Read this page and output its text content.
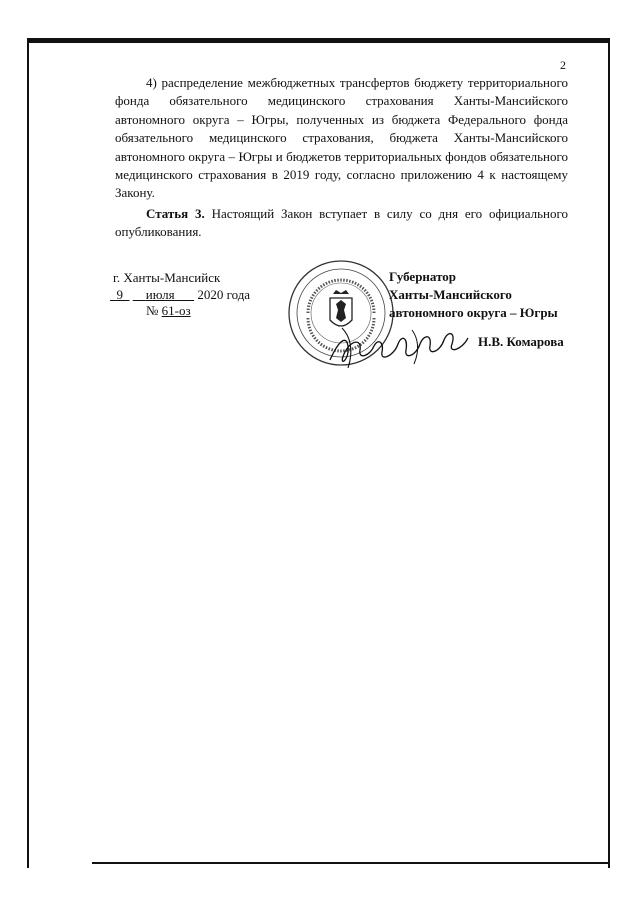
2

4) распределение межбюджетных трансфертов бюджету территориального фонда обязательного медицинского страхования Ханты-Мансийского автономного округа – Югры, полученных из бюджета Федерального фонда обязательного медицинского страхования, бюджета Ханты-Мансийского автономного округа – Югры и бюджетов территориальных фондов обязательного медицинского страхования в 2019 году, согласно приложению 4 к настоящему Закону.

Статья 3. Настоящий Закон вступает в силу со дня его официального опубликования.

г. Ханты-Мансийск
9 июля 2020 года
№ 61-оз
Губернатор
Ханты-Мансийского
автономного округа – Югры
Н.В. Комарова
